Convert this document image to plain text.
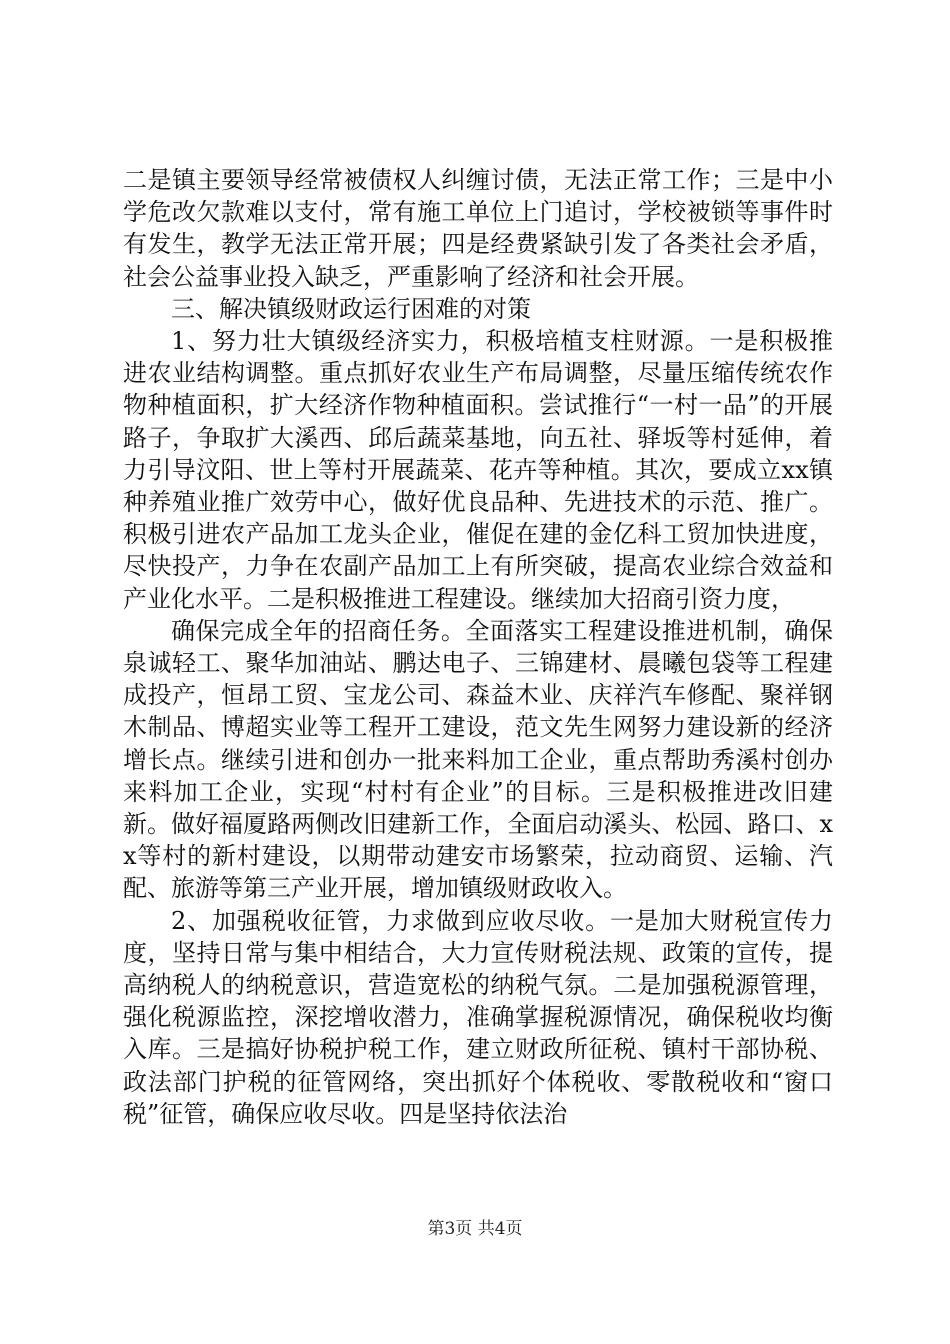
二是镇主要领导经常被债权人纠缠讨债，无法正常工作；三是中小学危改欠款难以支付，常有施工单位上门追讨，学校被锁等事件时有发生，教学无法正常开展；四是经费紧缺引发了各类社会矛盾，社会公益事业投入缺乏，严重影响了经济和社会开展。

三、解决镇级财政运行困难的对策

1、努力壮大镇级经济实力，积极培植支柱财源。一是积极推进农业结构调整。重点抓好农业生产布局调整，尽量压缩传统农作物种植面积，扩大经济作物种植面积。尝试推行“一村一品”的开展路子，争取扩大溪西、邱后蔬菜基地，向五社、驿坂等村延伸，着力引导汶阳、世上等村开展蔬菜、花卉等种植。其次，要成立xx镇种养殖业推广效劳中心，做好优良品种、先进技术的示范、推广。积极引进农产品加工龙头企业，催促在建的金亿科工贸加快进度，尽快投产，力争在农副产品加工上有所突破，提高农业综合效益和产业化水平。二是积极推进工程建设。继续加大招商引资力度，

确保完成全年的招商任务。全面落实工程建设推进机制，确保泉诚轻工、聚华加油站、鹏达电子、三锦建材、晨曦包袋等工程建成投产，恒昂工贸、宝龙公司、森益木业、庆祥汽车修配、聚祥钢木制品、博超实业等工程开工建设，范文先生网努力建设新的经济增长点。继续引进和创办一批来料加工企业，重点帮助秀溪村创办来料加工企业，实现“村村有企业”的目标。三是积极推进改旧建新。做好福厦路两侧改旧建新工作，全面启动溪头、松园、路口、xx等村的新村建设，以期带动建安市场繁荣，拉动商贸、运输、汽配、旅游等第三产业开展，增加镇级财政收入。

2、加强税收征管，力求做到应收尽收。一是加大财税宣传力度，坚持日常与集中相结合，大力宣传财税法规、政策的宣传，提高纳税人的纳税意识，营造宽松的纳税气氛。二是加强税源管理，强化税源监控，深挖增收潜力，准确掌握税源情况，确保税收均衡入库。三是搞好协税护税工作，建立财政所征税、镇村干部协税、政法部门护税的征管网络，突出抓好个体税收、零散税收和“窗口税”征管，确保应收尽收。四是坚持依法治

第3页 共4页
